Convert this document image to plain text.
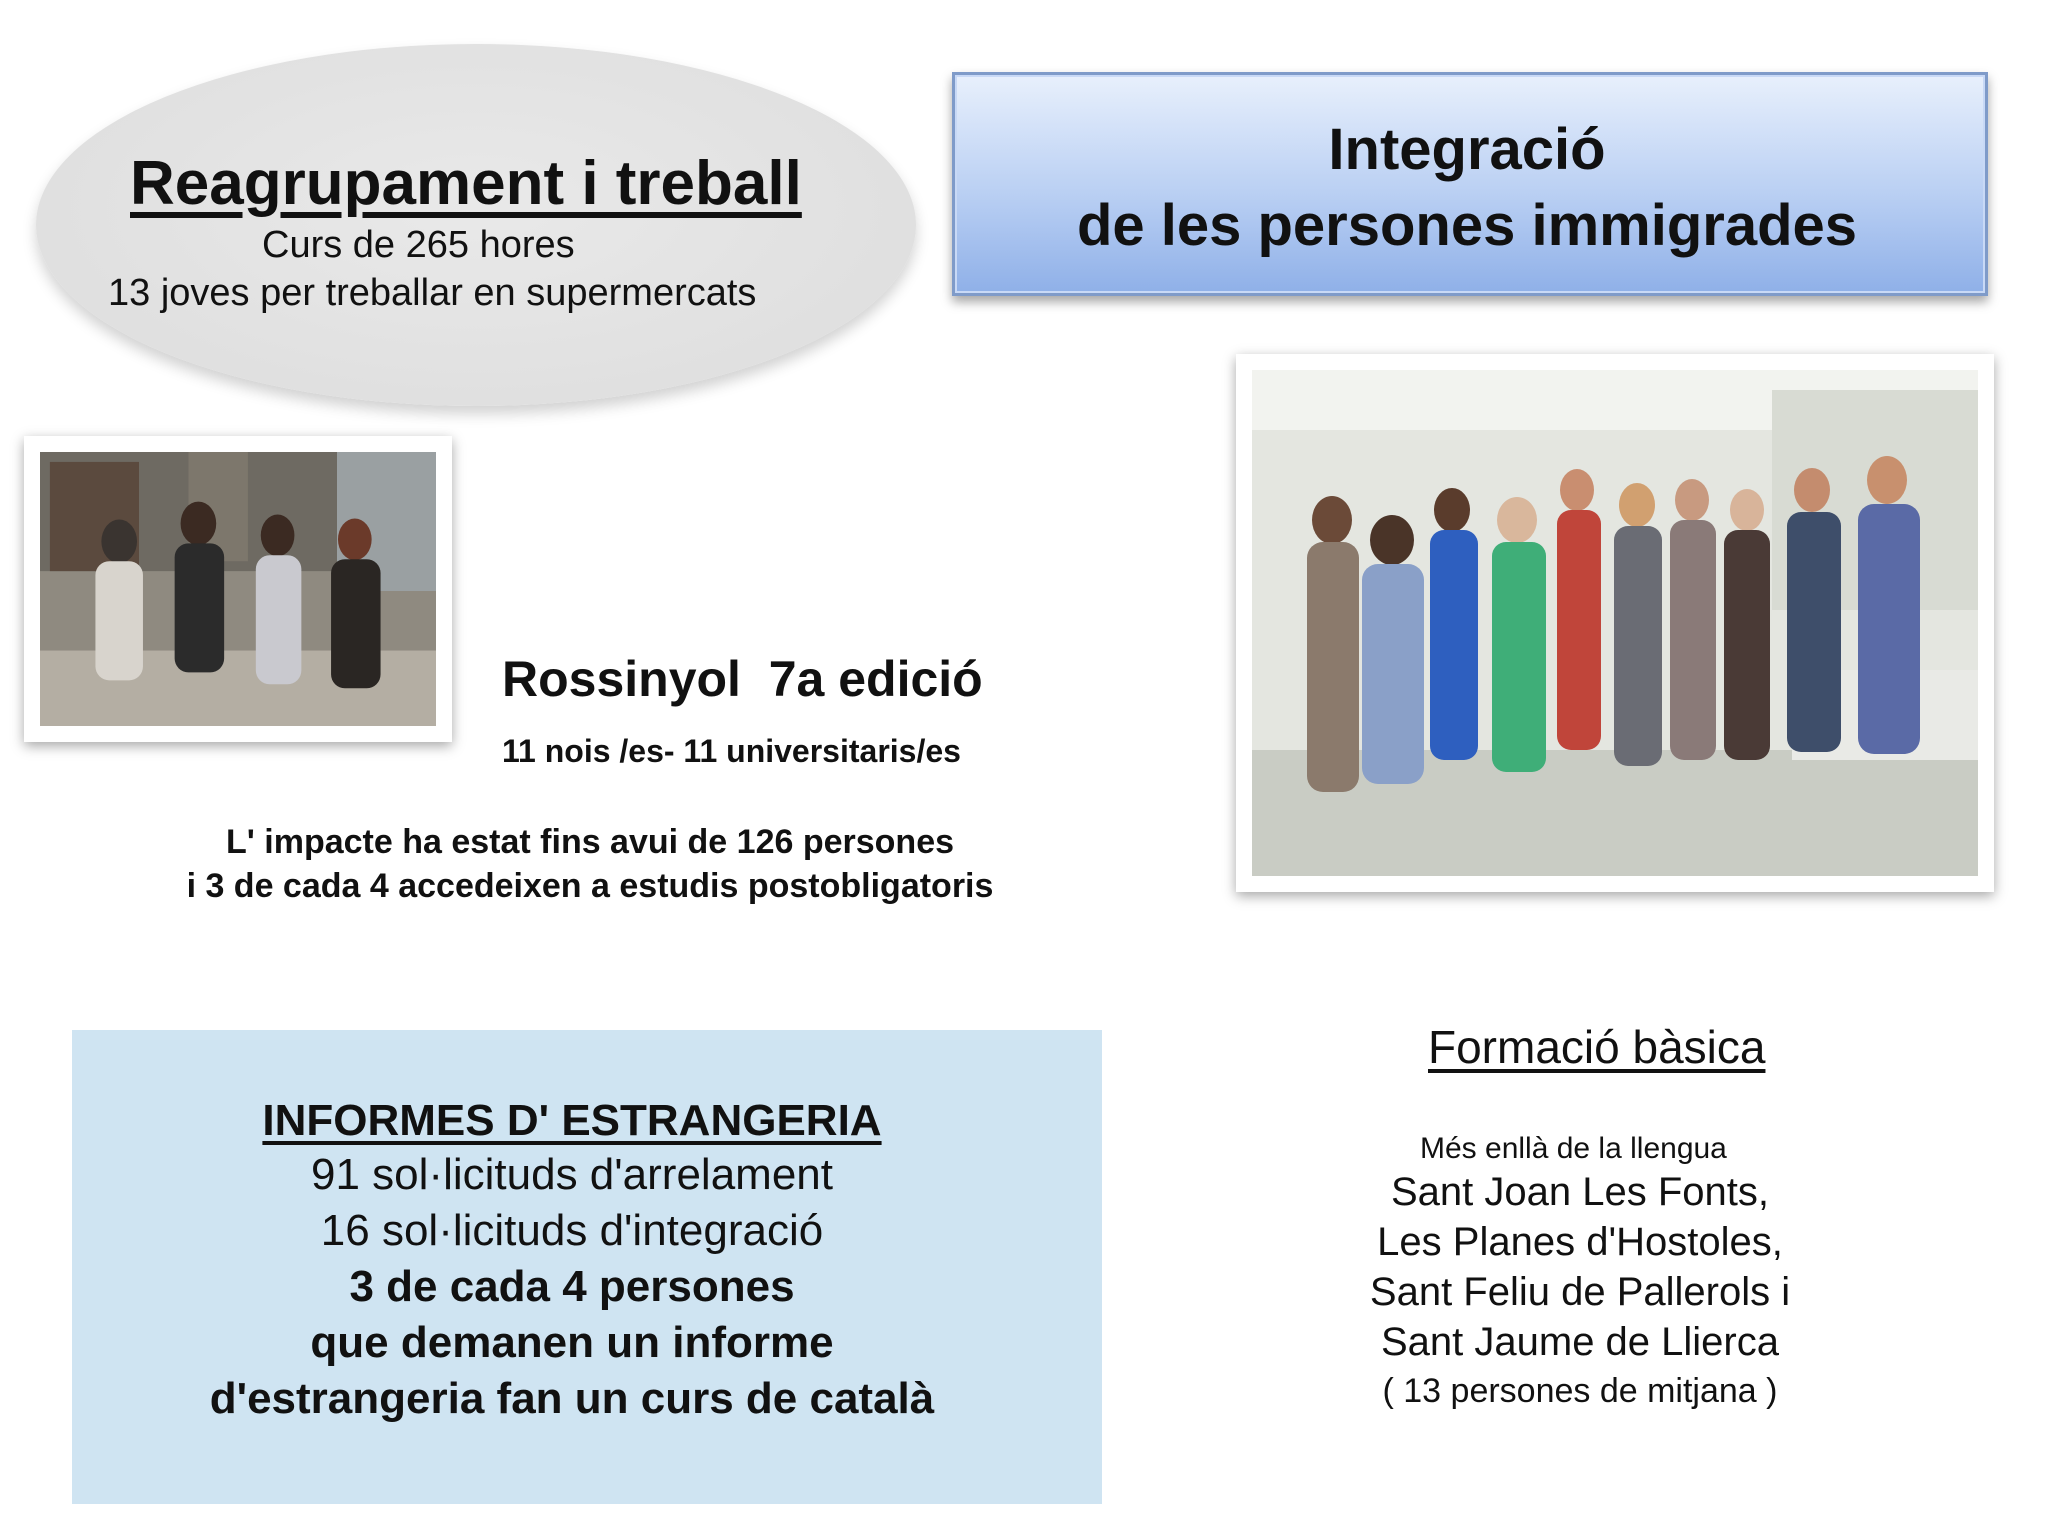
Reagrupament i treball
Curs de 265 hores
13 joves per treballar en supermercats
Integració
de les persones immigrades
Rossinyol  7a edició
11 nois /es- 11 universitaris/es
L' impacte ha estat fins avui de 126 persones
i 3 de cada 4 accedeixen a estudis postobligatoris
INFORMES D' ESTRANGERIA
91 sol·licituds d'arrelament
16 sol·licituds d'integració
3 de cada 4 persones
que demanen un informe
d'estrangeria fan un curs de català
Formació bàsica
Més enllà de la llengua
Sant Joan Les Fonts,
Les Planes d'Hostoles,
Sant Feliu de Pallerols i
Sant Jaume de Llierca
( 13 persones de mitjana )
